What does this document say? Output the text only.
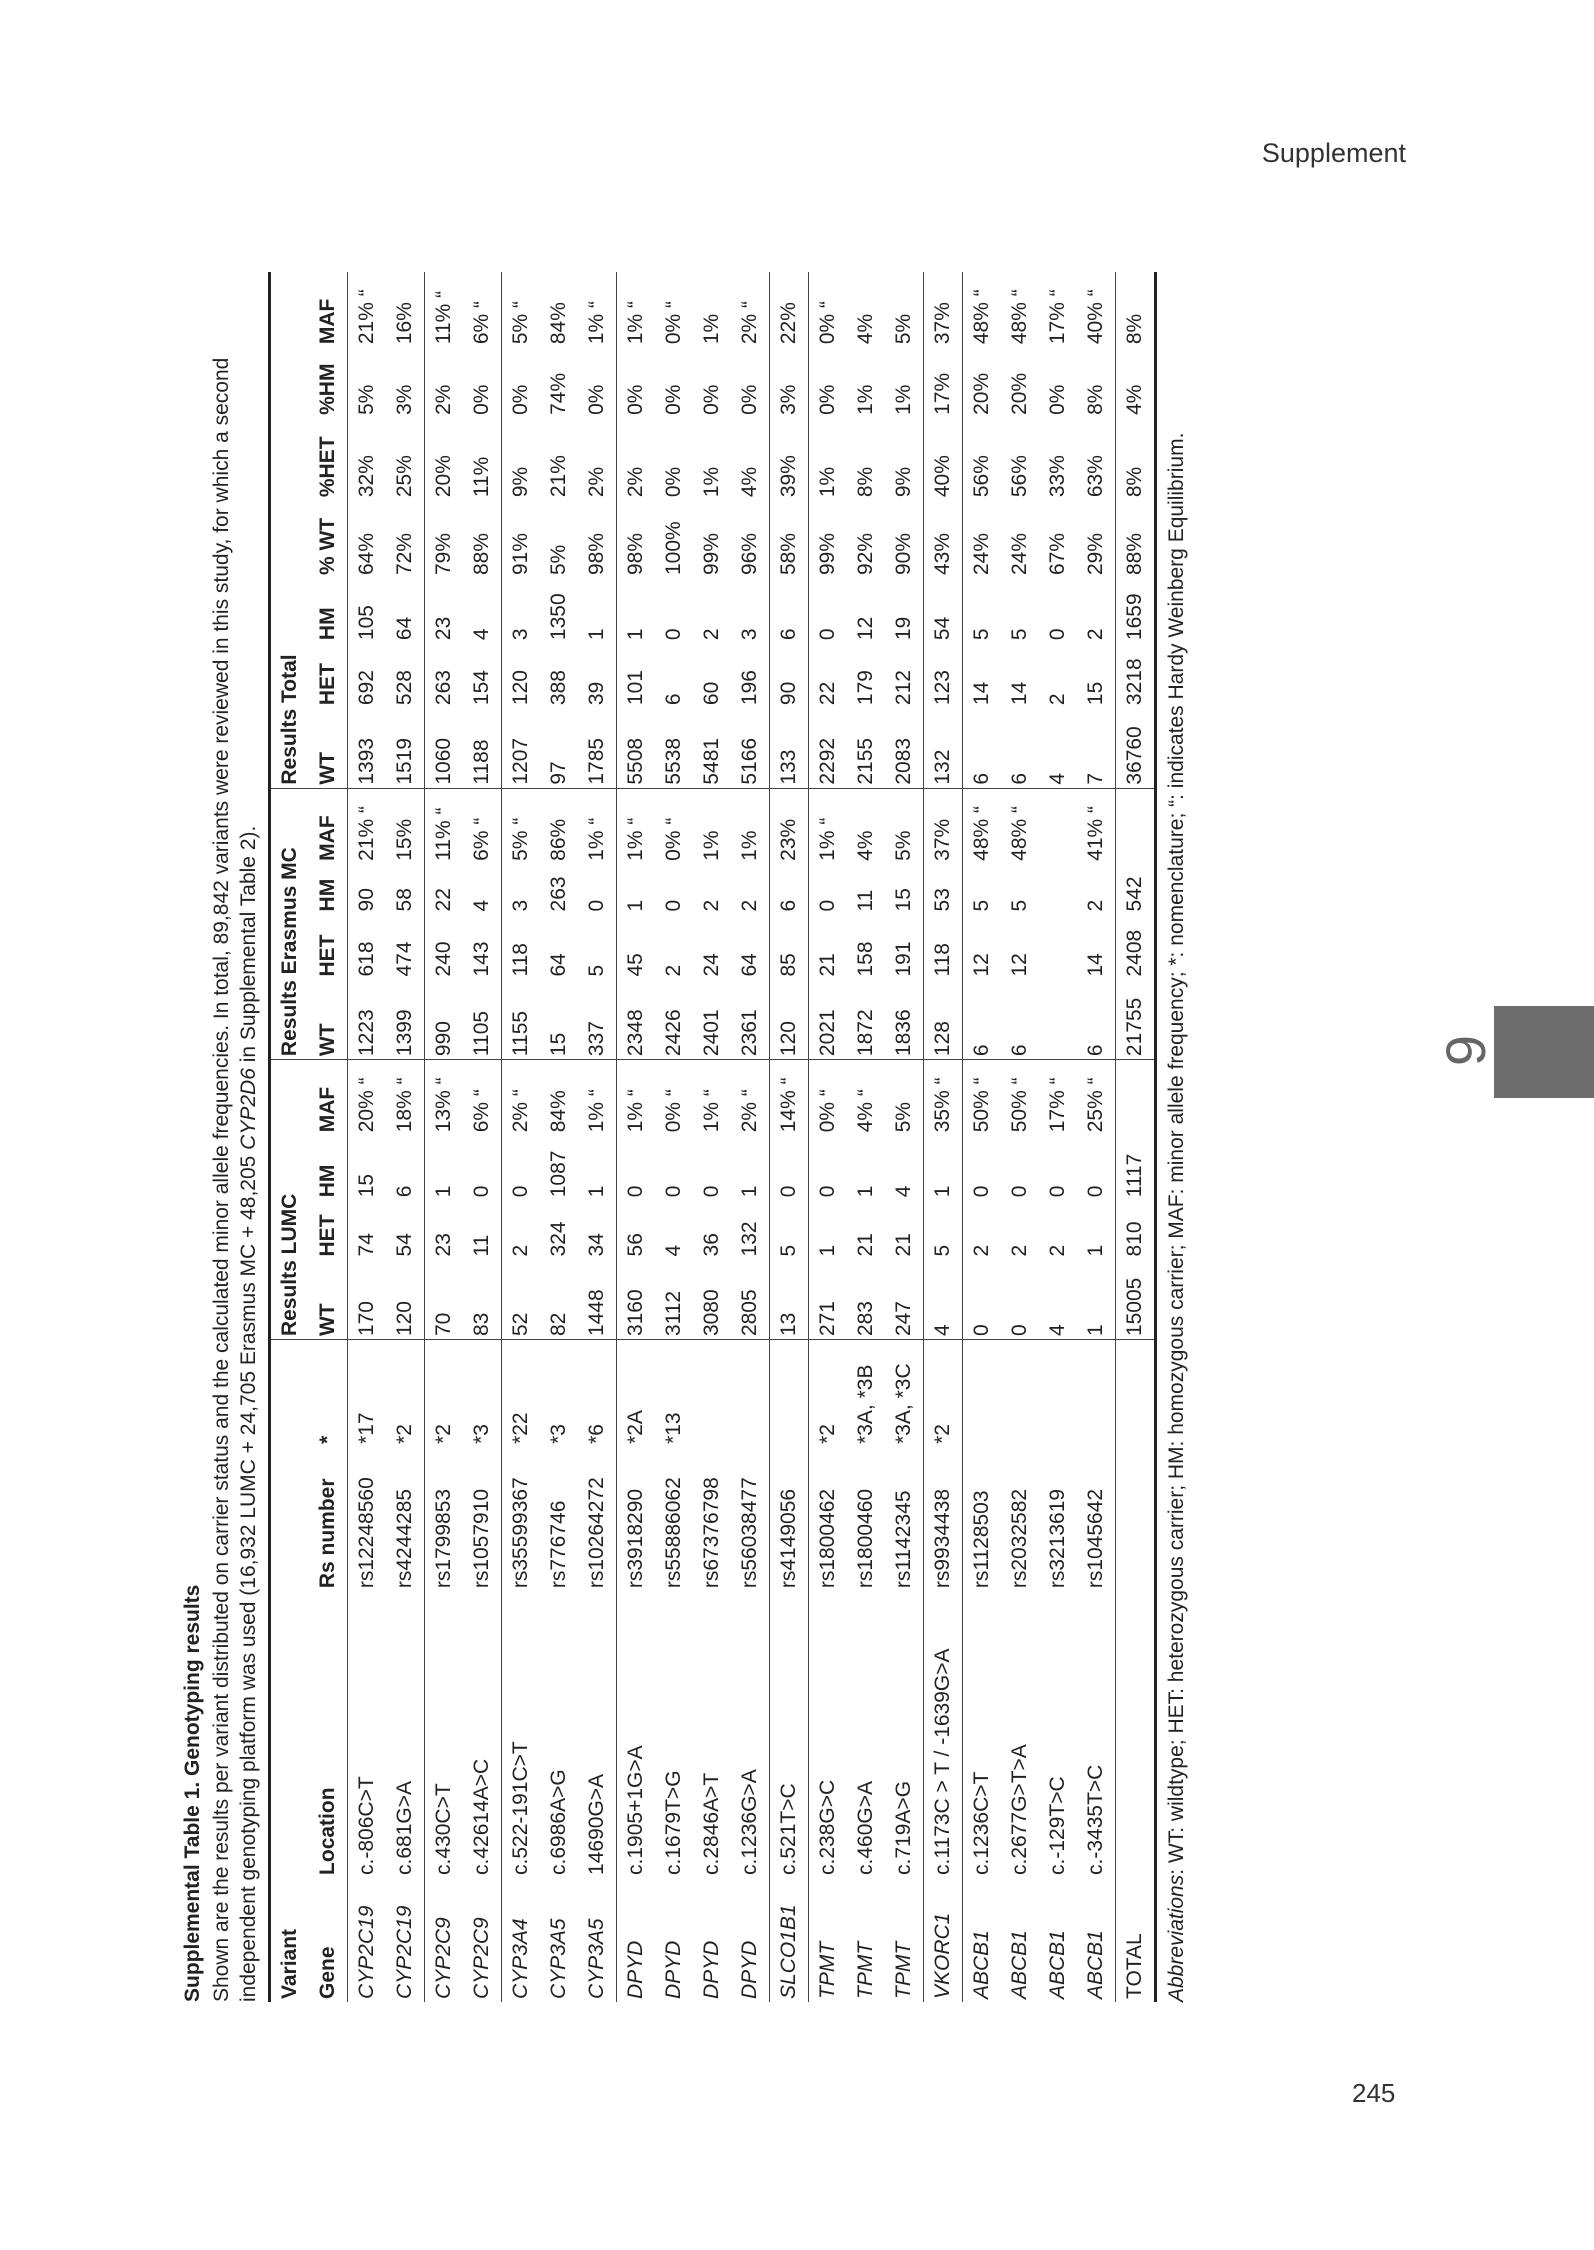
Supplement
9
245
Supplemental Table 1. Genotyping results Shown are the results per variant distributed on carrier status and the calculated minor allele frequencies. In total, 89,842 variants were reviewed in this study, for which a second independent genotyping platform was used (16,932 LUMC + 24,705 Erasmus MC + 48,205 CYP2D6 in Supplemental Table 2).
Variant				Results LUMC				Results Erasmus MC				Results Total						
Gene	Location	Rs number	*	WT	HET	HM	MAF	WT	HET	HM	MAF	WT	HET	HM	% WT	%HET	%HM	MAF
CYP2C19	c.-806C>T	rs12248560	*17	170	74	15	20% “	1223	618	90	21% “	1393	692	105	64%	32%	5%	21% “
CYP2C19	c.681G>A	rs4244285	*2	120	54	6	18% “	1399	474	58	15%	1519	528	64	72%	25%	3%	16%
CYP2C9	c.430C>T	rs1799853	*2	70	23	1	13% “	990	240	22	11% “	1060	263	23	79%	20%	2%	11% “
CYP2C9	c.42614A>C	rs1057910	*3	83	11	0	6% “	1105	143	4	6% “	1188	154	4	88%	11%	0%	6% “
CYP3A4	c.522-191C>T	rs35599367	*22	52	2	0	2% “	1155	118	3	5% “	1207	120	3	91%	9%	0%	5% “
CYP3A5	c.6986A>G	rs776746	*3	82	324	1087	84%	15	64	263	86%	97	388	1350	5%	21%	74%	84%
CYP3A5	14690G>A	rs10264272	*6	1448	34	1	1% “	337	5	0	1% “	1785	39	1	98%	2%	0%	1% “
DPYD	c.1905+1G>A	rs3918290	*2A	3160	56	0	1% “	2348	45	1	1% “	5508	101	1	98%	2%	0%	1% “
DPYD	c.1679T>G	rs55886062	*13	3112	4	0	0% “	2426	2	0	0% “	5538	6	0	100%	0%	0%	0% “
DPYD	c.2846A>T	rs67376798		3080	36	0	1% “	2401	24	2	1%	5481	60	2	99%	1%	0%	1%
DPYD	c.1236G>A	rs56038477		2805	132	1	2% “	2361	64	2	1%	5166	196	3	96%	4%	0%	2% “
SLCO1B1	c.521T>C	rs4149056		13	5	0	14% “	120	85	6	23%	133	90	6	58%	39%	3%	22%
TPMT	c.238G>C	rs1800462	*2	271	1	0	0% “	2021	21	0	1% “	2292	22	0	99%	1%	0%	0% “
TPMT	c.460G>A	rs1800460	*3A, *3B	283	21	1	4% “	1872	158	11	4%	2155	179	12	92%	8%	1%	4%
TPMT	c.719A>G	rs1142345	*3A, *3C	247	21	4	5%	1836	191	15	5%	2083	212	19	90%	9%	1%	5%
VKORC1	c.1173C > T / -1639G>A	rs9934438	*2	4	5	1	35% “	128	118	53	37%	132	123	54	43%	40%	17%	37%
ABCB1	c.1236C>T	rs1128503		0	2	0	50% “	6	12	5	48% “	6	14	5	24%	56%	20%	48% “
ABCB1	c.2677G>T>A	rs2032582		0	2	0	50% “	6	12	5	48% “	6	14	5	24%	56%	20%	48% “
ABCB1	c.-129T>C	rs3213619		4	2	0	17% “					4	2	0	67%	33%	0%	17% “
ABCB1	c.-3435T>C	rs1045642		1	1	0	25% “	6	14	2	41% “	7	15	2	29%	63%	8%	40% “
TOTAL				15005	810	1117		21755	2408	542		36760	3218	1659	88%	8%	4%	8%
Abbreviations: WT: wildtype; HET: heterozygous carrier; HM: homozygous carrier; MAF: minor allele frequency; *: nomenclature; “: indicates Hardy Weinberg Equilibrium.
